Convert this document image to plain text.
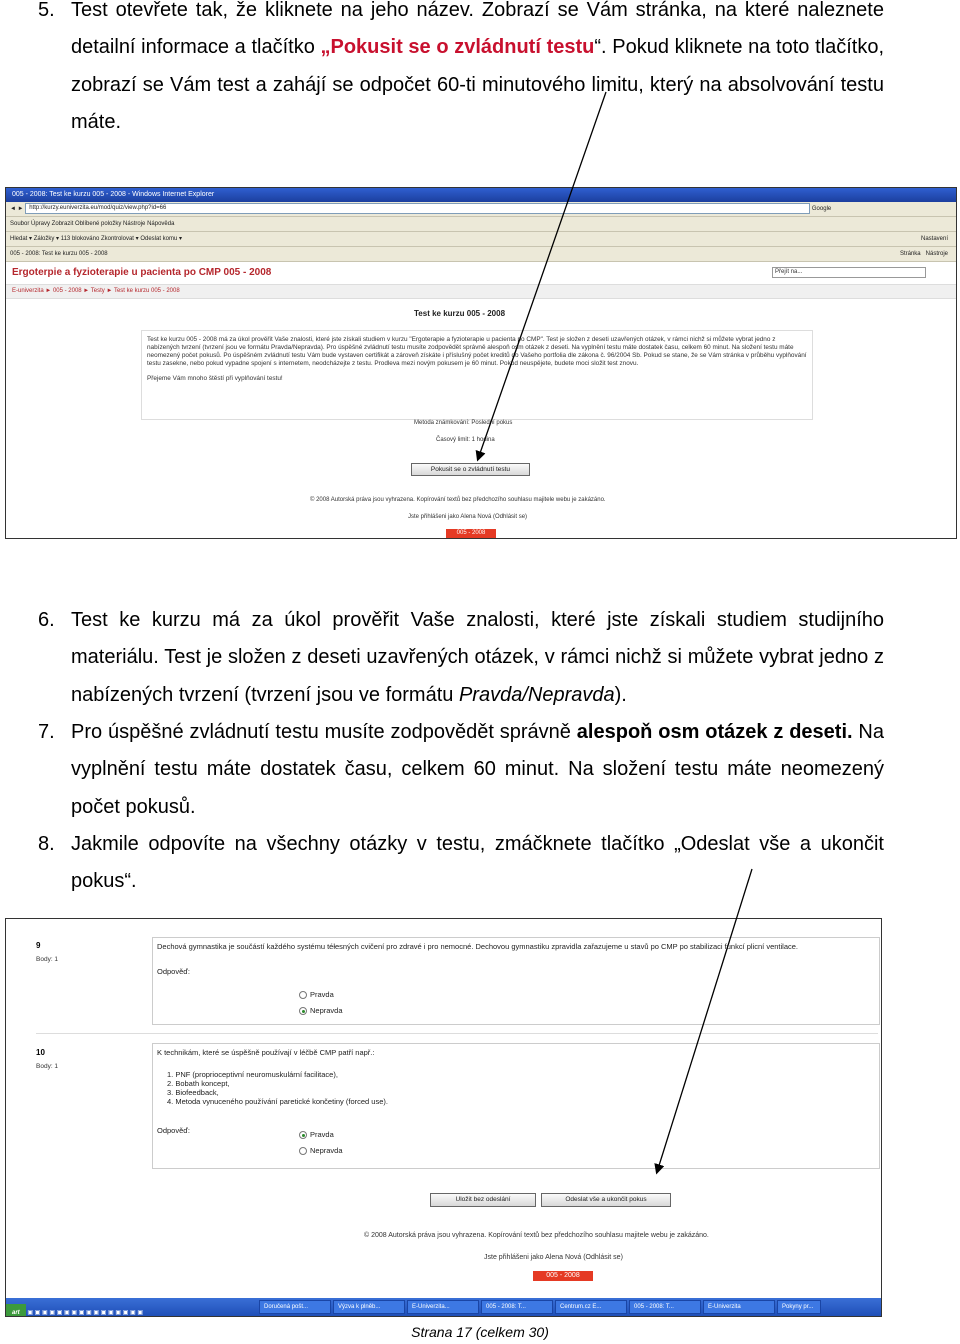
5. Test otevřete tak, že kliknete na jeho název. Zobrazí se Vám stránka, na které naleznete detailní informace a tlačítko „Pokusit se o zvládnutí testu“. Pokud kliknete na toto tlačítko, zobrazí se Vám test a zahájí se odpočet 60-ti minutového limitu, který na absolvování testu máte.
005 - 2008: Test ke kurzu 005 - 2008 - Windows Internet Explorer
◄ ► http://kurzy.euniverzita.eu/mod/quiz/view.php?id=66	Google
Soubor Úpravy Zobrazit Oblíbené položky Nástroje Nápověda
Hledat ▾ Záložky ▾ 113 blokováno Zkontrolovat ▾ Odeslat komu ▾	Nastavení
005 - 2008: Test ke kurzu 005 - 2008	Stránka Nástroje
Ergoterpie a fyzioterapie u pacienta po CMP 005 - 2008	Přejít na...
E-univerzita ► 005 - 2008 ► Testy ► Test ke kurzu 005 - 2008
Test ke kurzu 005 - 2008
Test ke kurzu 005 - 2008 má za úkol prověřit Vaše znalosti, které jste získali studiem v kurzu "Ergoterapie a fyzioterapie u pacienta po CMP". Test je složen z deseti uzavřených otázek, v rámci nichž si můžete vybrat jedno z nabízených tvrzení (tvrzení jsou ve formátu Pravda/Nepravda). Pro úspěšné zvládnutí testu musíte zodpovědět správně alespoň osm otázek z deseti. Na vyplnění testu máte dostatek času, celkem 60 minut. Na složení testu máte neomezený počet pokusů. Po úspěšném zvládnutí testu Vám bude vystaven certifikát a zároveň získáte i příslušný počet kreditů do Vašeho portfolia dle zákona č. 96/2004 Sb. Pokud se stane, že se Vám stránka v průběhu vyplňování testu zasekne, nebo pokud vypadne spojení s internetem, neodcházejte z testu. Prodleva mezi novým pokusem je 60 minut. Pokud neuspějete, budete moci složit test znovu.
Přejeme Vám mnoho štěstí při vyplňování testu!
Metoda známkování: Poslední pokus
Časový limit: 1 hodina
Pokusit se o zvládnutí testu
© 2008 Autorská práva jsou vyhrazena. Kopírování textů bez předchozího souhlasu majitele webu je zakázáno.
Jste přihlášeni jako Alena Nová (Odhlásit se)
005 - 2008
6. Test ke kurzu má za úkol prověřit Vaše znalosti, které jste získali studiem studijního materiálu. Test je složen z deseti uzavřených otázek, v rámci nichž si můžete vybrat jedno z nabízených tvrzení (tvrzení jsou ve formátu Pravda/Nepravda).
7. Pro úspěšné zvládnutí testu musíte zodpovědět správně alespoň osm otázek z deseti. Na vyplnění testu máte dostatek času, celkem 60 minut. Na složení testu máte neomezený počet pokusů.
8. Jakmile odpovíte na všechny otázky v testu, zmáčknete tlačítko „Odeslat vše a ukončit pokus“.
9
Body: 1
Dechová gymnastika je součástí každého systému téłesných cvičení pro zdravé i pro nemocné. Dechovou gymnastiku zpravidla zařazujeme u stavů po CMP po stabilizaci funkcí plicní ventilace.
Odpověď:
Pravda
Nepravda
10
Body: 1
K technikám, které se úspěšně používají v léčbě CMP patří např.:
1. PNF (proprioceptivní neuromuskulární facilitace),
2. Bobath koncept,
3. Biofeedback,
4. Metoda vynuceného používání paretické končetiny (forced use).
Odpověď:	Pravda
Nepravda
Uložit bez odeslání	Odeslat vše a ukončit pokus
© 2008 Autorská práva jsou vyhrazena. Kopírování textů bez předchozího souhlasu majitele webu je zakázáno.
Jste přihlášeni jako Alena Nová (Odhlásit se)
005 - 2008
art ▣ ▣ ▣ ▣ ▣ ▣ ▣ ▣ ▣ ▣ ▣ ▣ ▣ ▣ ▣ ▣ Doručená pošt...	Výzva k plněb...	E-Univerzita...	005 - 2008: T...	Centrum.cz E...	005 - 2008: T...	E-Univerzita	Pokyny pr...
Strana 17 (celkem 30)
